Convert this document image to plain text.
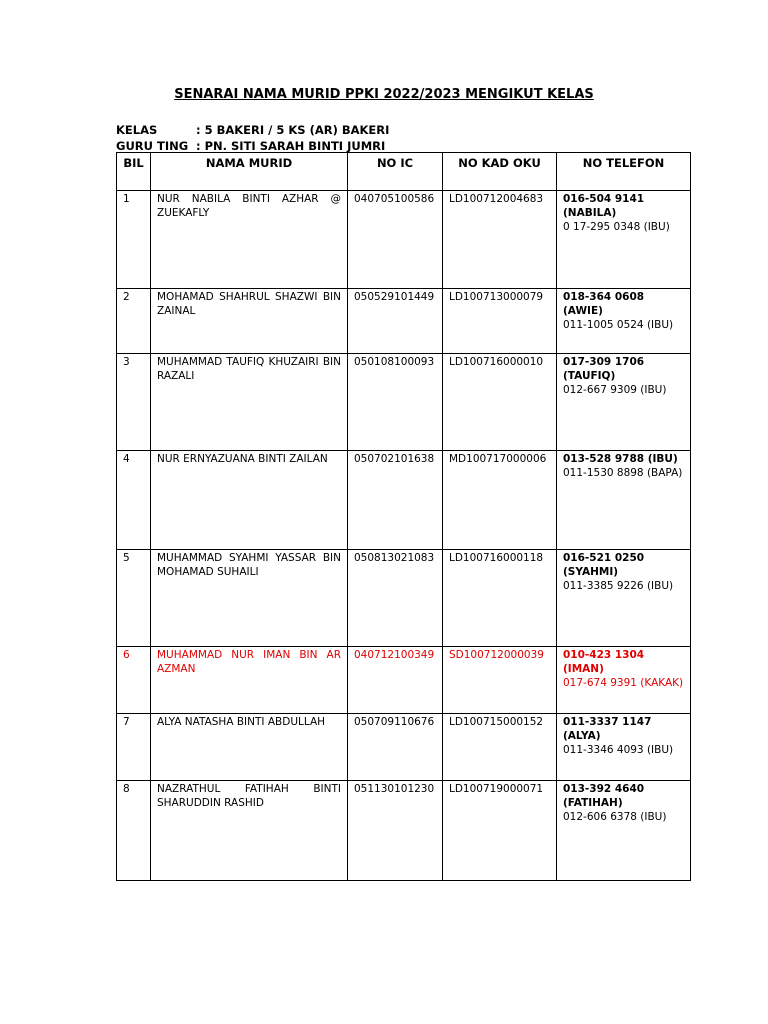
SENARAI NAMA MURID PPKI 2022/2023 MENGIKUT KELAS
KELAS	: 5 BAKERI / 5 KS (AR) BAKERI
GURU TING : PN. SITI SARAH BINTI JUMRI
BIL	NAMA MURID	NO IC	NO KAD OKU	NO TELEFON
1	NUR NABILA BINTI AZHAR @ ZUEKAFLY	040705100586	LD100712004683	016-504 9141 (NABILA)
0 17-295 0348 (IBU)

2	MOHAMAD SHAHRUL SHAZWI BIN ZAINAL	050529101449	LD100713000079	018-364 0608 (AWIE)
011-1005 0524 (IBU)

3	MUHAMMAD TAUFIQ KHUZAIRI BIN RAZALI	050108100093	LD100716000010	017-309 1706 (TAUFIQ)
012-667 9309 (IBU)

4	NUR ERNYAZUANA BINTI ZAILAN	050702101638	MD100717000006	013-528 9788 (IBU)
011-1530 8898 (BAPA)

5	MUHAMMAD SYAHMI YASSAR BIN MOHAMAD SUHAILI	050813021083	LD100716000118	016-521 0250 (SYAHMI)
011-3385 9226 (IBU)

6	MUHAMMAD NUR IMAN BIN AR AZMAN	040712100349	SD100712000039	010-423 1304 (IMAN)
017-674 9391 (KAKAK)

7	ALYA NATASHA BINTI ABDULLAH	050709110676	LD100715000152	011-3337 1147 (ALYA)
011-3346 4093 (IBU)

8	NAZRATHUL FATIHAH BINTI SHARUDDIN RASHID	051130101230	LD100719000071	013-392 4640 (FATIHAH)
012-606 6378 (IBU)
